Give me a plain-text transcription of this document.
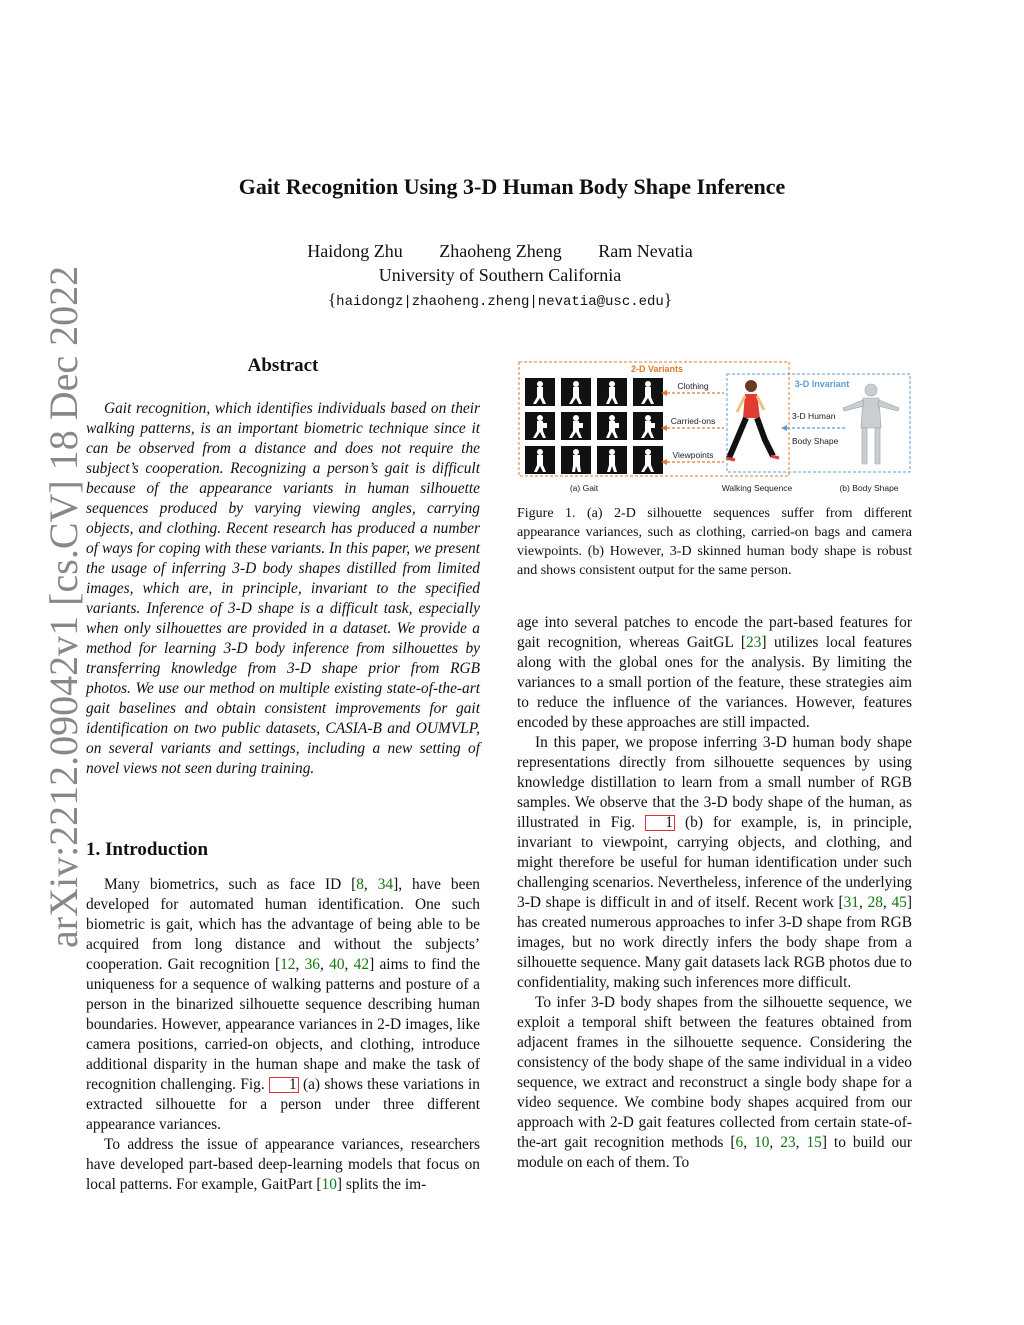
Gait Recognition Using 3-D Human Body Shape Inference
Haidong Zhu Zhaoheng Zheng Ram Nevatia
University of Southern California
{haidongz|zhaoheng.zheng|nevatia@usc.edu}
arXiv:2212.09042v1 [cs.CV] 18 Dec 2022	Abstract

Gait recognition, which identifies individuals based on their walking patterns, is an important biometric technique since it can be observed from a distance and does not require the subject’s cooperation. Recognizing a person’s gait is difficult because of the appearance variants in human silhouette sequences produced by varying viewing angles, carrying objects, and clothing. Recent research has produced a number of ways for coping with these variants. In this paper, we present the usage of inferring 3-D body shapes distilled from limited images, which are, in principle, invariant to the specified variants. Inference of 3-D shape is a difficult task, especially when only silhouettes are provided in a dataset. We provide a method for learning 3-D body inference from silhouettes by transferring knowledge from 3-D shape prior from RGB photos. We use our method on multiple existing state-of-the-art gait baselines and obtain consistent improvements for gait identification on two public datasets, CASIA-B and OUMVLP, on several variants and settings, including a new setting of novel views not seen during training.

1. Introduction

Many biometrics, such as face ID [8, 34], have been developed for automated human identification. One such biometric is gait, which has the advantage of being able to be acquired from long distance and without the subjects’ cooperation. Gait recognition [12, 36, 40, 42] aims to find the uniqueness for a sequence of walking patterns and posture of a person in the binarized silhouette sequence describing human boundaries. However, appearance variances in 2-D images, like camera positions, carried-on objects, and clothing, introduce additional disparity in the human shape and make the task of recognition challenging. Fig. 1 (a) shows these variations in extracted silhouette for a person under three different appearance variances.

To address the issue of appearance variances, researchers have developed part-based deep-learning models that focus on local patterns. For example, GaitPart [10] splits the im-

2-D Variants
Clothing
Carried-ons
Viewpoints
3-D Invariant
3-D Human
Body Shape
(a) Gait	Walking Sequence	(b) Body Shape
Figure 1. (a) 2-D silhouette sequences suffer from different appearance variances, such as clothing, carried-on bags and camera viewpoints. (b) However, 3-D skinned human body shape is robust and shows consistent output for the same person.

age into several patches to encode the part-based features for gait recognition, whereas GaitGL [23] utilizes local features along with the global ones for the analysis. By limiting the variances to a small portion of the feature, these strategies aim to reduce the influence of the variances. However, features encoded by these approaches are still impacted.

In this paper, we propose inferring 3-D human body shape representations directly from silhouette sequences by using knowledge distillation to learn from a small number of RGB samples. We observe that the 3-D body shape of the human, as illustrated in Fig. 1 (b) for example, is, in principle, invariant to viewpoint, carrying objects, and clothing, and might therefore be useful for human identification under such challenging scenarios. Nevertheless, inference of the underlying 3-D shape is difficult in and of itself. Recent work [31, 28, 45] has created numerous approaches to infer 3-D shape from RGB images, but no work directly infers the body shape from a silhouette sequence. Many gait datasets lack RGB photos due to confidentiality, making such inferences more difficult.

To infer 3-D body shapes from the silhouette sequence, we exploit a temporal shift between the features obtained from adjacent frames in the silhouette sequence. Considering the consistency of the body shape of the same individual in a video sequence, we extract and reconstruct a single body shape for a video sequence. We combine body shapes acquired from our approach with 2-D gait features collected from certain state-of-the-art gait recognition methods [6, 10, 23, 15] to build our module on each of them. To
